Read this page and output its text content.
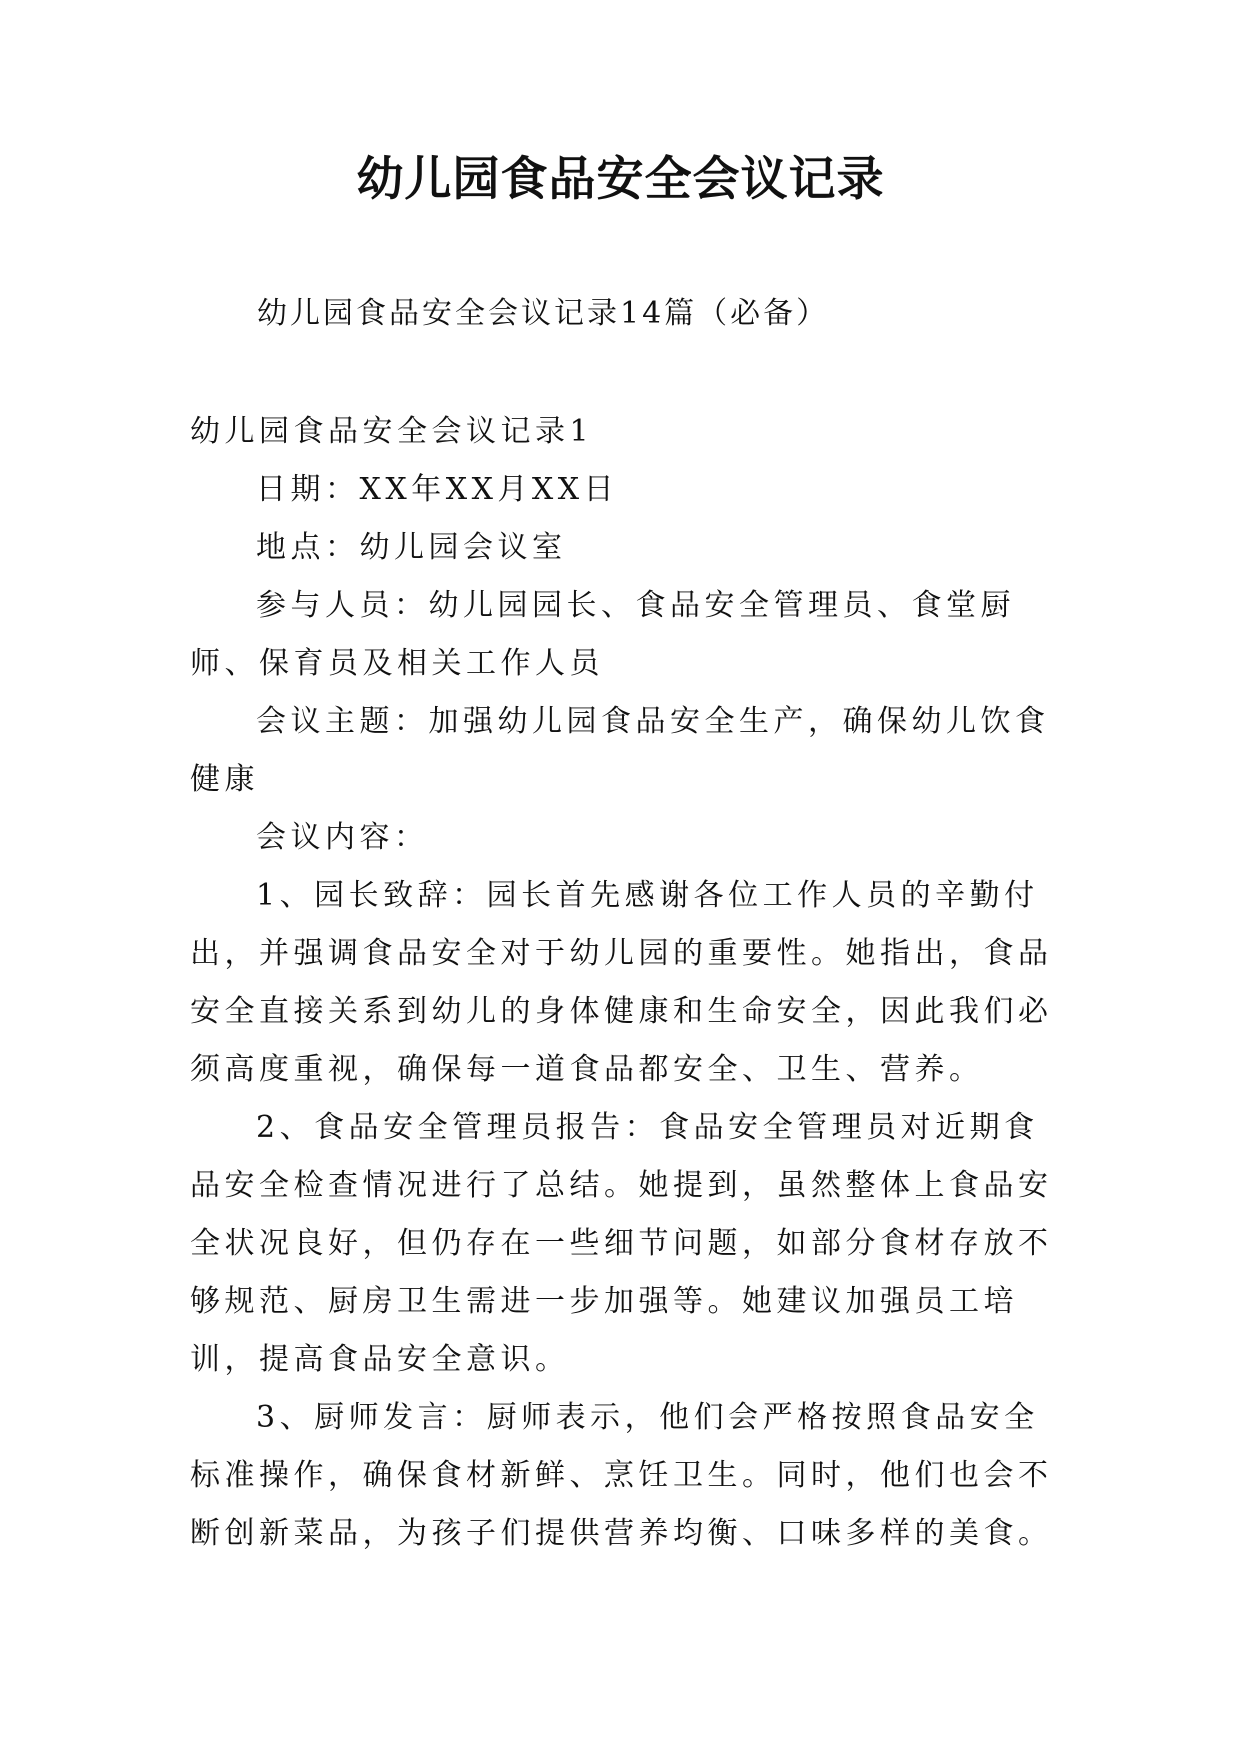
幼儿园食品安全会议记录
幼儿园食品安全会议记录14篇（必备）

幼儿园食品安全会议记录1

日期：XX年XX月XX日

地点：幼儿园会议室

参与人员：幼儿园园长、食品安全管理员、食堂厨师、保育员及相关工作人员

会议主题：加强幼儿园食品安全生产，确保幼儿饮食健康

会议内容：

1、园长致辞：园长首先感谢各位工作人员的辛勤付出，并强调食品安全对于幼儿园的重要性。她指出，食品安全直接关系到幼儿的身体健康和生命安全，因此我们必须高度重视，确保每一道食品都安全、卫生、营养。

2、食品安全管理员报告：食品安全管理员对近期食品安全检查情况进行了总结。她提到，虽然整体上食品安全状况良好，但仍存在一些细节问题，如部分食材存放不够规范、厨房卫生需进一步加强等。她建议加强员工培训，提高食品安全意识。

3、厨师发言：厨师表示，他们会严格按照食品安全标准操作，确保食材新鲜、烹饪卫生。同时，他们也会不断创新菜品，为孩子们提供营养均衡、口味多样的美食。
